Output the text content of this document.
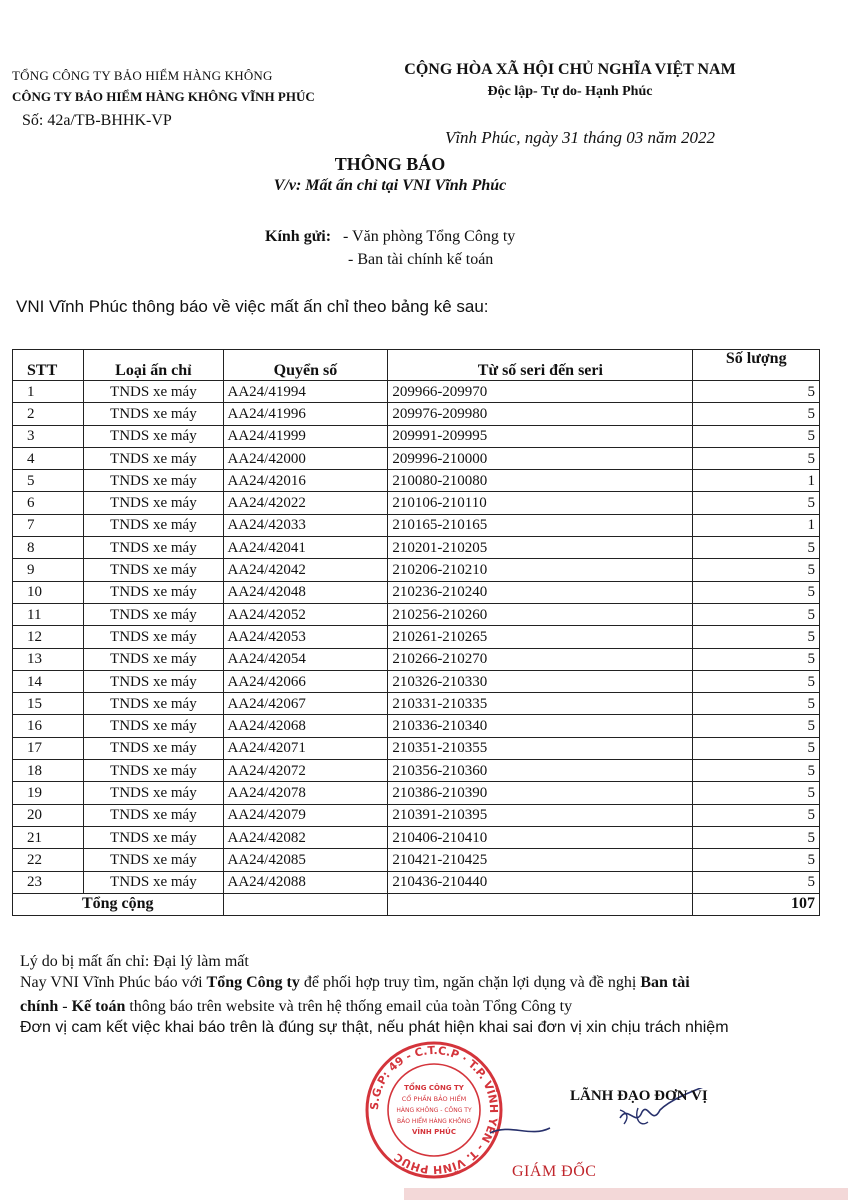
TỔNG CÔNG TY BẢO HIỂM HÀNG KHÔNG
CÔNG TY BẢO HIỂM HÀNG KHÔNG VĨNH PHÚC
Số: 42a/TB-BHHK-VP
CỘNG HÒA XÃ HỘI CHỦ NGHĨA VIỆT NAM
Độc lập- Tự do- Hạnh Phúc
Vĩnh Phúc, ngày 31 tháng 03 năm 2022
THÔNG BÁO
V/v: Mất ấn chỉ tại VNI Vĩnh Phúc
Kính gửi: - Văn phòng Tổng Công ty
- Ban tài chính kế toán
VNI Vĩnh Phúc thông báo về việc mất ấn chỉ theo bảng kê sau:
STT	Loại ấn chỉ	Quyển số	Từ số seri đến seri	Số lượng
1	TNDS xe máy	AA24/41994	209966-209970	5
2	TNDS xe máy	AA24/41996	209976-209980	5
3	TNDS xe máy	AA24/41999	209991-209995	5
4	TNDS xe máy	AA24/42000	209996-210000	5
5	TNDS xe máy	AA24/42016	210080-210080	1
6	TNDS xe máy	AA24/42022	210106-210110	5
7	TNDS xe máy	AA24/42033	210165-210165	1
8	TNDS xe máy	AA24/42041	210201-210205	5
9	TNDS xe máy	AA24/42042	210206-210210	5
10	TNDS xe máy	AA24/42048	210236-210240	5
11	TNDS xe máy	AA24/42052	210256-210260	5
12	TNDS xe máy	AA24/42053	210261-210265	5
13	TNDS xe máy	AA24/42054	210266-210270	5
14	TNDS xe máy	AA24/42066	210326-210330	5
15	TNDS xe máy	AA24/42067	210331-210335	5
16	TNDS xe máy	AA24/42068	210336-210340	5
17	TNDS xe máy	AA24/42071	210351-210355	5
18	TNDS xe máy	AA24/42072	210356-210360	5
19	TNDS xe máy	AA24/42078	210386-210390	5
20	TNDS xe máy	AA24/42079	210391-210395	5
21	TNDS xe máy	AA24/42082	210406-210410	5
22	TNDS xe máy	AA24/42085	210421-210425	5
23	TNDS xe máy	AA24/42088	210436-210440	5
Tổng cộng				107
Lý do bị mất ấn chỉ: Đại lý làm mất
Nay VNI Vĩnh Phúc báo với Tổng Công ty để phối hợp truy tìm, ngăn chặn lợi dụng và đề nghị Ban tài
chính - Kế toán thông báo trên website và trên hệ thống email của toàn Tổng Công ty
Đơn vị cam kết việc khai báo trên là đúng sự thật, nếu phát hiện khai sai đơn vị xin chịu trách nhiệm
S.G.P: 49 - C.T.C.P · T.P. VĨNH YÊN - T. VĨNH PHÚC
TỔNG CÔNG TY
CỔ PHẦN BẢO HIỂM
HÀNG KHÔNG - CÔNG TY
BẢO HIỂM HÀNG KHÔNG
VĨNH PHÚC
LÃNH ĐẠO ĐƠN VỊ
GIÁM ĐỐC
